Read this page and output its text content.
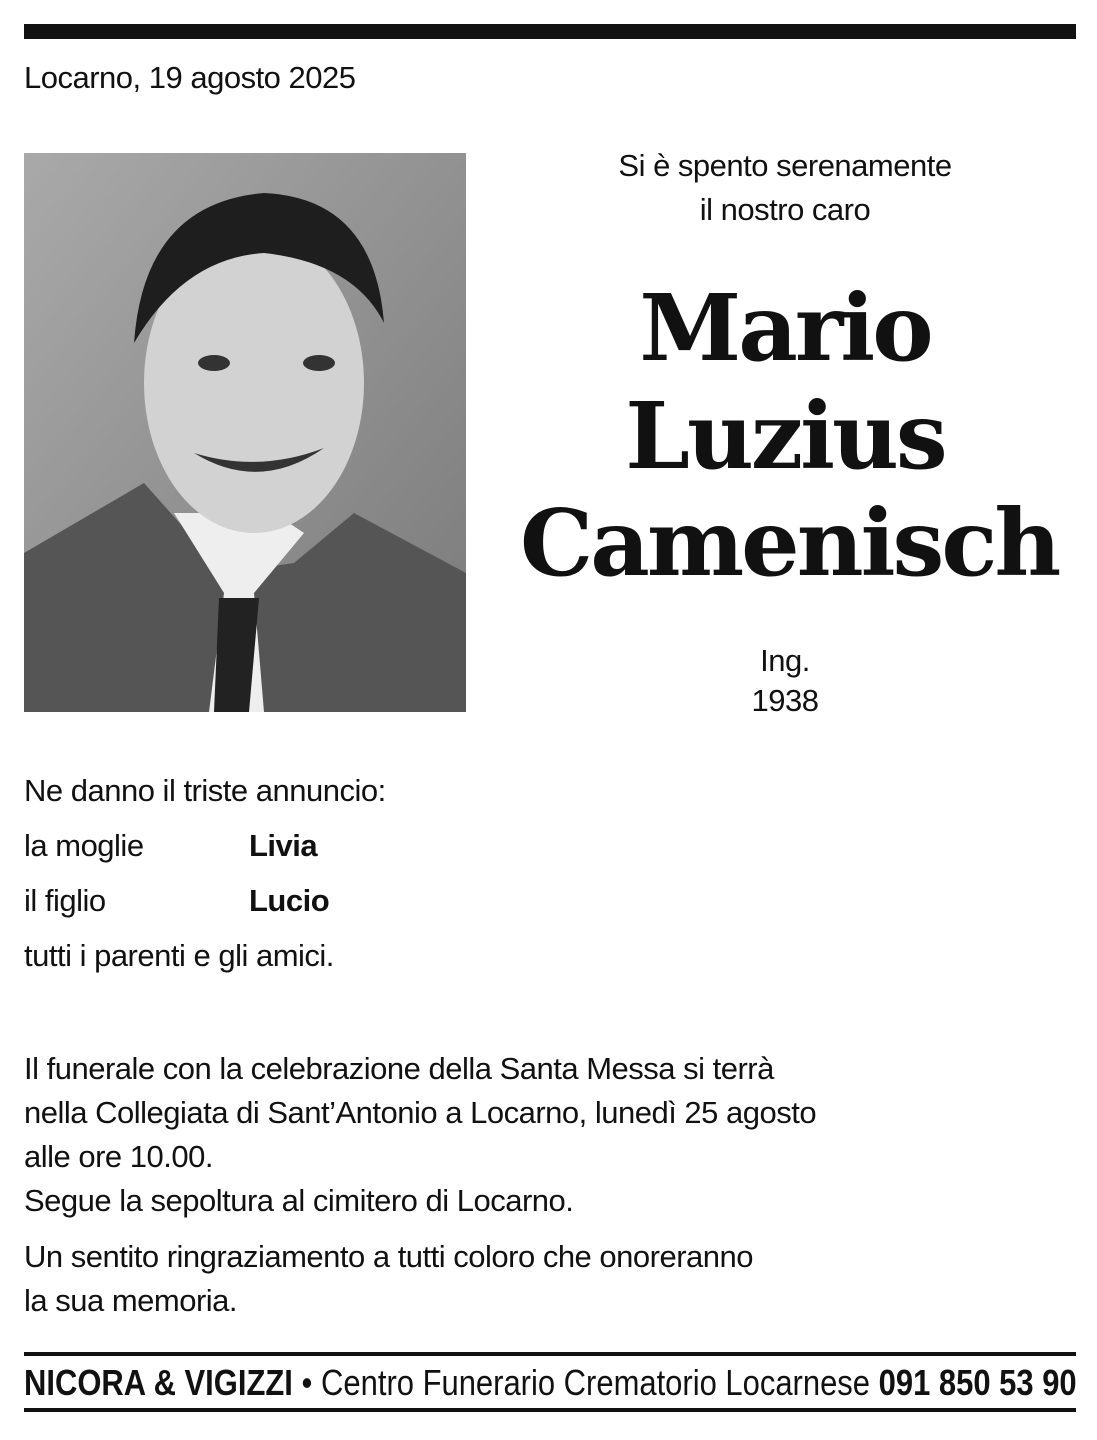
Locarno, 19 agosto 2025
Si è spento serenamente
il nostro caro
Mario
Luzius
Camenisch
Ing.
1938
Ne danno il triste annuncio:
la moglie	Livia
il figlio	Lucio
tutti i parenti e gli amici.
Il funerale con la celebrazione della Santa Messa si terrà
nella Collegiata di Sant’Antonio a Locarno, lunedì 25 agosto
alle ore 10.00.
Segue la sepoltura al cimitero di Locarno.
Un sentito ringraziamento a tutti coloro che onoreranno
la sua memoria.
NICORA & VIGIZZI • Centro Funerario Crematorio Locarnese 091 850 53 90
